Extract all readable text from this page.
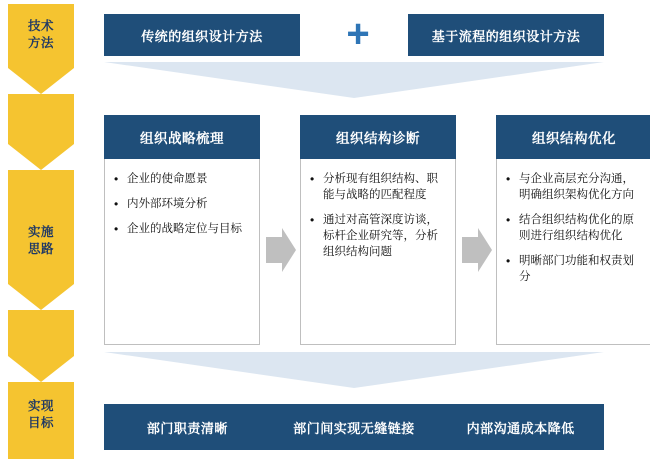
技术
方法
实施
思路
实现
目标
传统的组织设计方法	+	基于流程的组织设计方法
组织战略梳理
• 企业的使命愿景
• 内外部环境分析
• 企业的战略定位与目标
组织结构诊断
• 分析现有组织结构、职能与战略的匹配程度
• 通过对高管深度访谈，标杆企业研究等，分析组织结构问题
组织结构优化
• 与企业高层充分沟通，明确组织架构优化方向
• 结合组织结构优化的原则进行组织结构优化
• 明晰部门功能和权责划分
部门职责清晰	部门间实现无缝链接	内部沟通成本降低
